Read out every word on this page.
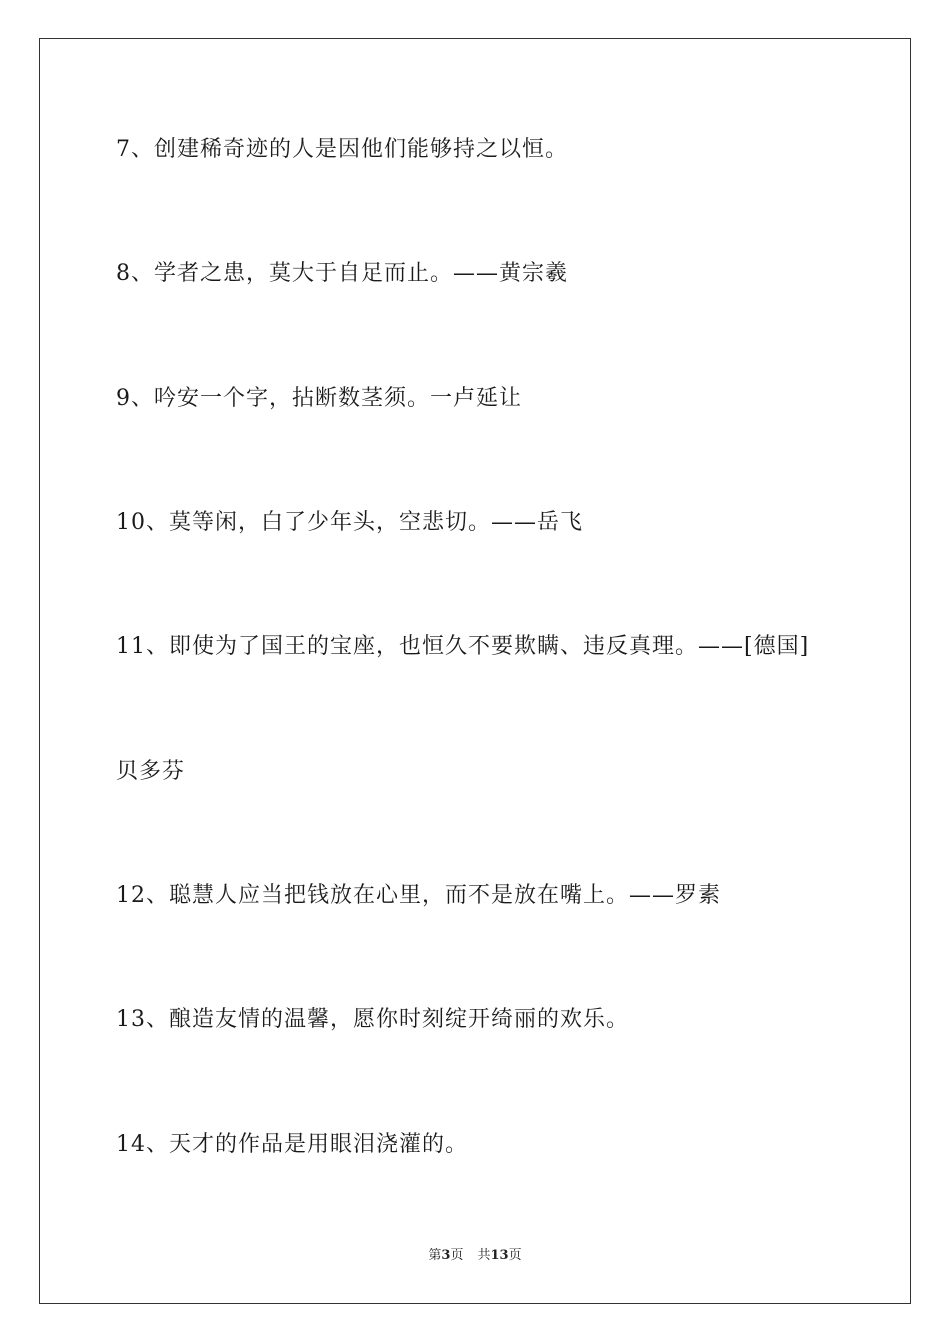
7、创建稀奇迹的人是因他们能够持之以恒。
8、学者之患，莫大于自足而止。——黄宗羲
9、吟安一个字，拈断数茎须。一卢延让
10、莫等闲，白了少年头，空悲切。——岳飞
11、即使为了国王的宝座，也恒久不要欺瞒、违反真理。——[德国]
贝多芬
12、聪慧人应当把钱放在心里，而不是放在嘴上。——罗素
13、酿造友情的温馨，愿你时刻绽开绮丽的欢乐。
14、天才的作品是用眼泪浇灌的。
第3页 共13页
